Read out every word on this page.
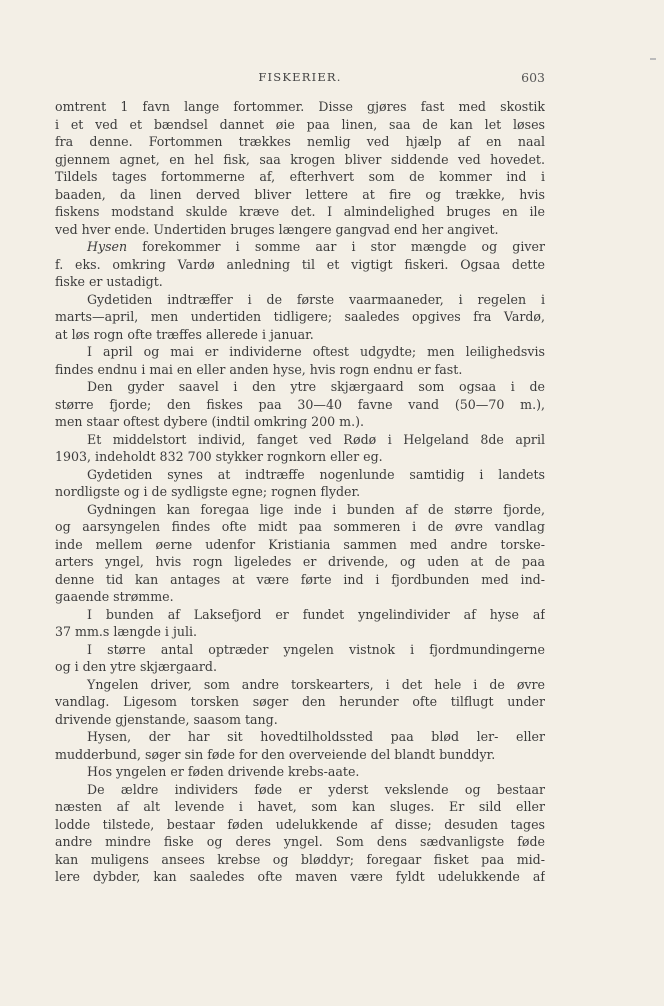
FISKERIER.	603
omtrent 1 favn lange fortommer. Disse gjøres fast med skostik
i et ved et bændsel dannet øie paa linen, saa de kan let løses
fra denne. Fortommen trækkes nemlig ved hjælp af en naal
gjennem agnet, en hel fisk, saa krogen bliver siddende ved hovedet.
Tildels tages fortommerne af, efterhvert som de kommer ind i
baaden, da linen derved bliver lettere at fire og trække, hvis
fiskens modstand skulde kræve det. I almindelighed bruges en ile
ved hver ende. Undertiden bruges længere gangvad end her angivet.
Hysen forekommer i somme aar i stor mængde og giver
f. eks. omkring Vardø anledning til et vigtigt fiskeri. Ogsaa dette
fiske er ustadigt.
Gydetiden indtræffer i de første vaarmaaneder, i regelen i
marts—april, men undertiden tidligere; saaledes opgives fra Vardø,
at løs rogn ofte træffes allerede i januar.
I april og mai er individerne oftest udgydte; men leilighedsvis
findes endnu i mai en eller anden hyse, hvis rogn endnu er fast.
Den gyder saavel i den ytre skjærgaard som ogsaa i de
større fjorde; den fiskes paa 30—40 favne vand (50—70 m.),
men staar oftest dybere (indtil omkring 200 m.).
Et middelstort individ, fanget ved Rødø i Helgeland 8de april
1903, indeholdt 832 700 stykker rognkorn eller eg.
Gydetiden synes at indtræffe nogenlunde samtidig i landets
nordligste og i de sydligste egne; rognen flyder.
Gydningen kan foregaa lige inde i bunden af de større fjorde,
og aarsyngelen findes ofte midt paa sommeren i de øvre vandlag
inde mellem øerne udenfor Kristiania sammen med andre torske-
arters yngel, hvis rogn ligeledes er drivende, og uden at de paa
denne tid kan antages at være førte ind i fjordbunden med ind-
gaaende strømme.
I bunden af Laksefjord er fundet yngelindivider af hyse af
37 mm.s længde i juli.
I større antal optræder yngelen vistnok i fjordmundingerne
og i den ytre skjærgaard.
Yngelen driver, som andre torskearters, i det hele i de øvre
vandlag. Ligesom torsken søger den herunder ofte tilflugt under
drivende gjenstande, saasom tang.
Hysen, der har sit hovedtilholdssted paa blød ler- eller
mudderbund, søger sin føde for den overveiende del blandt bunddyr.
Hos yngelen er føden drivende krebs-aate.
De ældre individers føde er yderst vekslende og bestaar
næsten af alt levende i havet, som kan sluges. Er sild eller
lodde tilstede, bestaar føden udelukkende af disse; desuden tages
andre mindre fiske og deres yngel. Som dens sædvanligste føde
kan muligens ansees krebse og bløddyr; foregaar fisket paa mid-
lere dybder, kan saaledes ofte maven være fyldt udelukkende af
